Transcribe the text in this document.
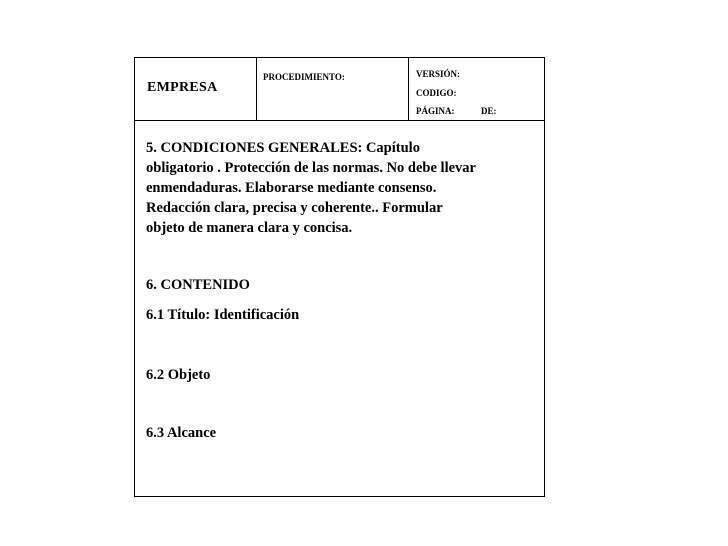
EMPRESA
PROCEDIMIENTO:	VERSIÓN:
CODIGO:
PÁGINA:	DE:
5. CONDICIONES GENERALES: Capítulo
obligatorio . Protección de las normas. No debe llevar
enmendaduras. Elaborarse mediante consenso.
Redacción clara, precisa y coherente.. Formular
objeto de manera clara y concisa.
6. CONTENIDO
6.1 Título: Identificación
6.2 Objeto
6.3 Alcance
